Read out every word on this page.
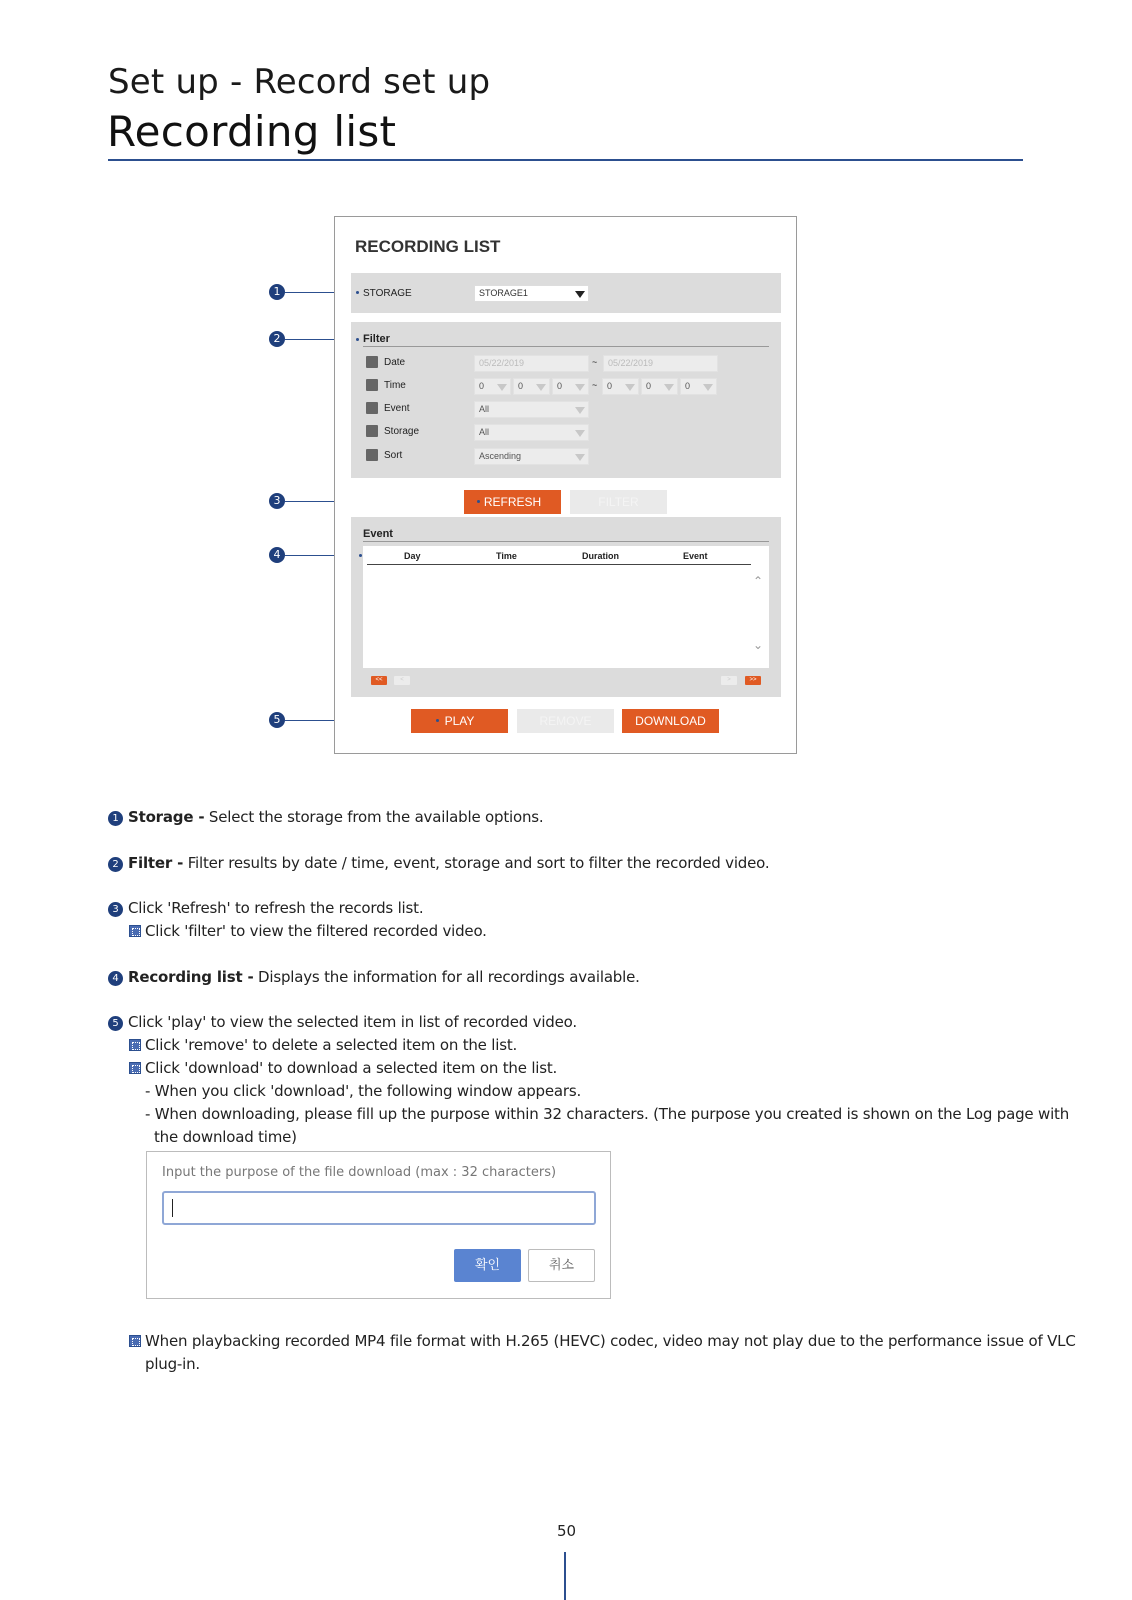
Set up - Record set up
Recording list
1
2
3
4
5
RECORDING LIST
STORAGE	STORAGE1
Filter
Date	05/22/2019	~	05/22/2019
Time	0	0	0	~	0	0	0
Event	All
Storage	All
Sort	Ascending
REFRESH	FILTER
Event
Day	Time	Duration	Event
⌃
⌄
<<	<	>	>>
PLAY	REMOVE	DOWNLOAD
1 Storage - Select the storage from the available options.
2 Filter - Filter results by date / time, event, storage and sort to filter the recorded video.
3 Click 'Refresh' to refresh the records list.
Click 'filter' to view the filtered recorded video.
4 Recording list - Displays the information for all recordings available.
5 Click 'play' to view the selected item in list of recorded video.
Click 'remove' to delete a selected item on the list.
Click 'download' to download a selected item on the list.
- When you click 'download', the following window appears.
- When downloading, please fill up the purpose within 32 characters. (The purpose you created is shown on the Log page with
the download time)
Input the purpose of the file download (max : 32 characters)
확인	취소
When playbacking recorded MP4 file format with H.265 (HEVC) codec, video may not play due to the performance issue of VLC
plug-in.
50
